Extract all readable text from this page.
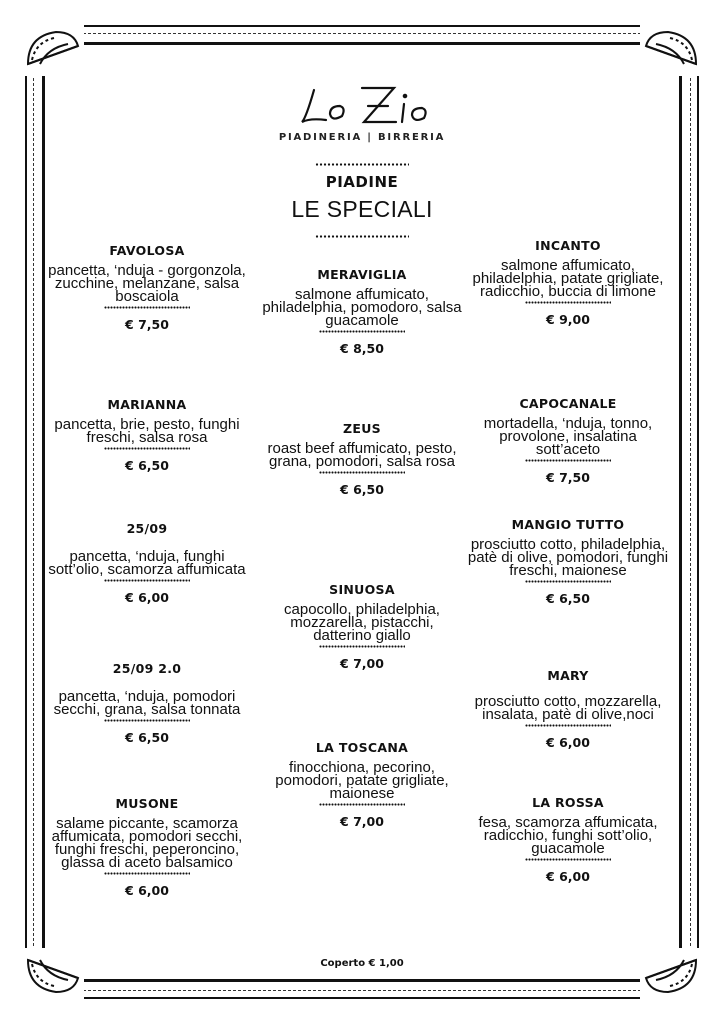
PIADINERIA | BIRRERIA
PIADINE
LE SPECIALI
FAVOLOSA
pancetta, ‘nduja - gorgonzola, zucchine, melanzane, salsa boscaiola
€ 7,50
MARIANNA
pancetta, brie, pesto, funghi freschi, salsa rosa
€ 6,50
25/09
pancetta, ‘nduja, funghi sott’olio, scamorza affumicata
€ 6,00
25/09 2.0
pancetta, ‘nduja, pomodori secchi, grana, salsa tonnata
€ 6,50
MUSONE
salame piccante, scamorza affumicata, pomodori secchi, funghi freschi, peperoncino, glassa di aceto balsamico
€ 6,00
MERAVIGLIA
salmone affumicato, philadelphia, pomodoro, salsa guacamole
€ 8,50
ZEUS
roast beef affumicato, pesto, grana, pomodori, salsa rosa
€ 6,50
SINUOSA
capocollo, philadelphia, mozzarella, pistacchi, datterino giallo
€ 7,00
LA TOSCANA
finocchiona, pecorino, pomodori, patate grigliate, maionese
€ 7,00
INCANTO
salmone affumicato, philadelphia, patate grigliate, radicchio, buccia di limone
€ 9,00
CAPOCANALE
mortadella, ‘nduja, tonno, provolone, insalatina sott’aceto
€ 7,50
MANGIO TUTTO
prosciutto cotto, philadelphia, patè di olive, pomodori, funghi freschi, maionese
€ 6,50
MARY
prosciutto cotto, mozzarella, insalata, patè di olive,noci
€ 6,00
LA ROSSA
fesa, scamorza affumicata, radicchio, funghi sott’olio, guacamole
€ 6,00
Coperto € 1,00
